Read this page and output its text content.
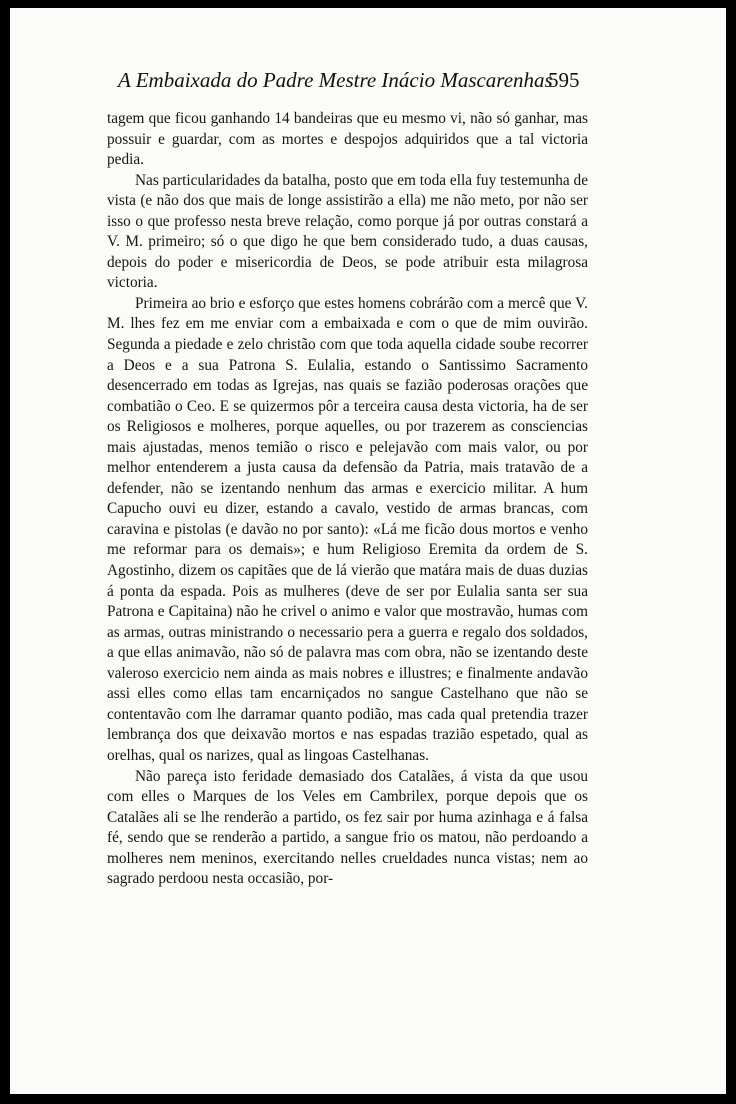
A Embaixada do Padre Mestre Inácio Mascarenhas
595

tagem que ficou ganhando 14 bandeiras que eu mesmo vi, não só ganhar, mas possuir e guardar, com as mortes e despojos adquiridos que a tal victoria pedia.

Nas particularidades da batalha, posto que em toda ella fuy testemunha de vista (e não dos que mais de longe assistirão a ella) me não meto, por não ser isso o que professo nesta breve relação, como porque já por outras constará a V. M. primeiro; só o que digo he que bem considerado tudo, a duas causas, depois do poder e misericordia de Deos, se pode atribuir esta milagrosa victoria.

Primeira ao brio e esforço que estes homens cobrárão com a mercê que V. M. lhes fez em me enviar com a embaixada e com o que de mim ouvirão. Segunda a piedade e zelo christão com que toda aquella cidade soube recorrer a Deos e a sua Patrona S. Eulalia, estando o Santissimo Sacramento desencerrado em todas as Igrejas, nas quais se fazião poderosas orações que combatião o Ceo. E se quizermos pôr a terceira causa desta victoria, ha de ser os Religiosos e molheres, porque aquelles, ou por trazerem as consciencias mais ajustadas, menos temião o risco e pelejavão com mais valor, ou por melhor entenderem a justa causa da defensão da Patria, mais tratavão de a defender, não se izentando nenhum das armas e exercicio militar. A hum Capucho ouvi eu dizer, estando a cavalo, vestido de armas brancas, com caravina e pistolas (e davão no por santo): «Lá me ficão dous mortos e venho me reformar para os demais»; e hum Religioso Eremita da ordem de S. Agostinho, dizem os capitães que de lá vierão que matára mais de duas duzias á ponta da espada. Pois as mulheres (deve de ser por Eulalia santa ser sua Patrona e Capitaina) não he crivel o animo e valor que mostravão, humas com as armas, outras ministrando o necessario pera a guerra e regalo dos soldados, a que ellas animavão, não só de palavra mas com obra, não se izentando deste valeroso exercicio nem ainda as mais nobres e illustres; e finalmente andavão assi elles como ellas tam encarniçados no sangue Castelhano que não se contentavão com lhe darramar quanto podião, mas cada qual pretendia trazer lembrança dos que deixavão mortos e nas espadas trazião espetado, qual as orelhas, qual os narizes, qual as lingoas Castelhanas.

Não pareça isto feridade demasiado dos Catalães, á vista da que usou com elles o Marques de los Veles em Cambrilex, porque depois que os Catalães ali se lhe renderão a partido, os fez sair por huma azinhaga e á falsa fé, sendo que se renderão a partido, a sangue frio os matou, não perdoando a molheres nem meninos, exercitando nelles crueldades nunca vistas; nem ao sagrado perdoou nesta occasião, por-
